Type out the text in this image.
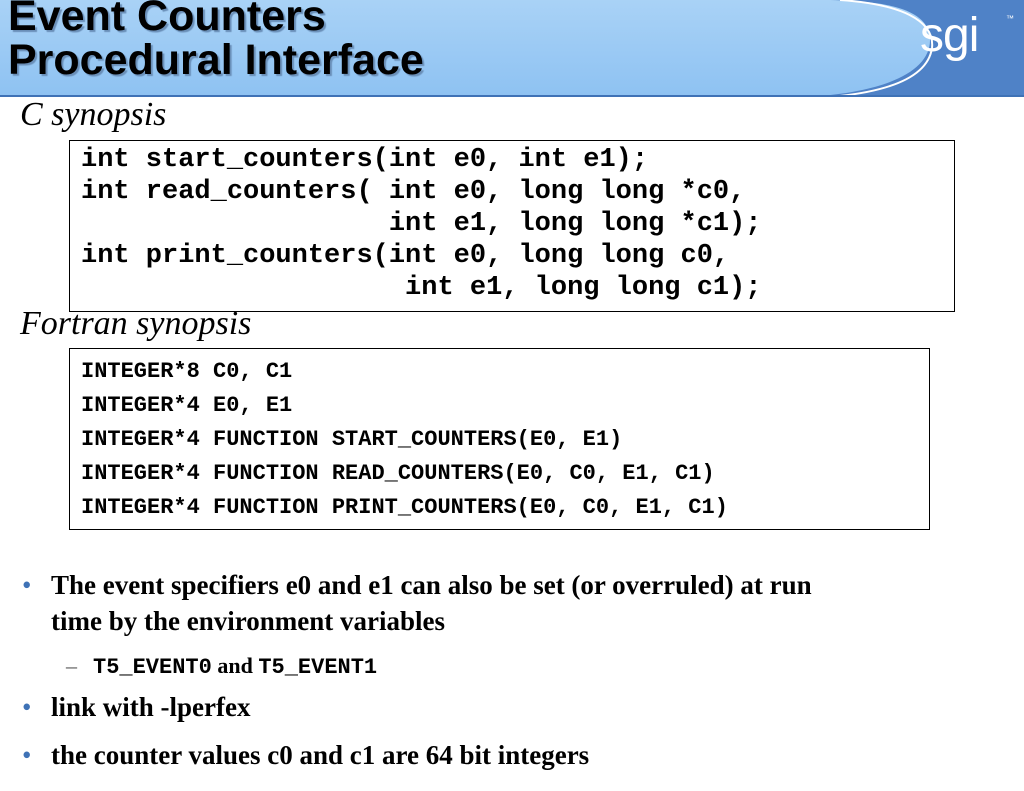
Event Counters
Procedural Interface	sgi	™
C synopsis
int start_counters(int e0, int e1);
int read_counters( int e0, long long *c0,
int e1, long long *c1);
int print_counters(int e0, long long c0,
int e1, long long c1);
Fortran synopsis
INTEGER*8 C0, C1
INTEGER*4 E0, E1
INTEGER*4 FUNCTION START_COUNTERS(E0, E1)
INTEGER*4 FUNCTION READ_COUNTERS(E0, C0, E1, C1)
INTEGER*4 FUNCTION PRINT_COUNTERS(E0, C0, E1, C1)
• The event specifiers e0 and e1 can also be set (or overruled) at run
time by the environment variables
– T5_EVENT0 and T5_EVENT1
• link with -lperfex
• the counter values c0 and c1 are 64 bit integers
